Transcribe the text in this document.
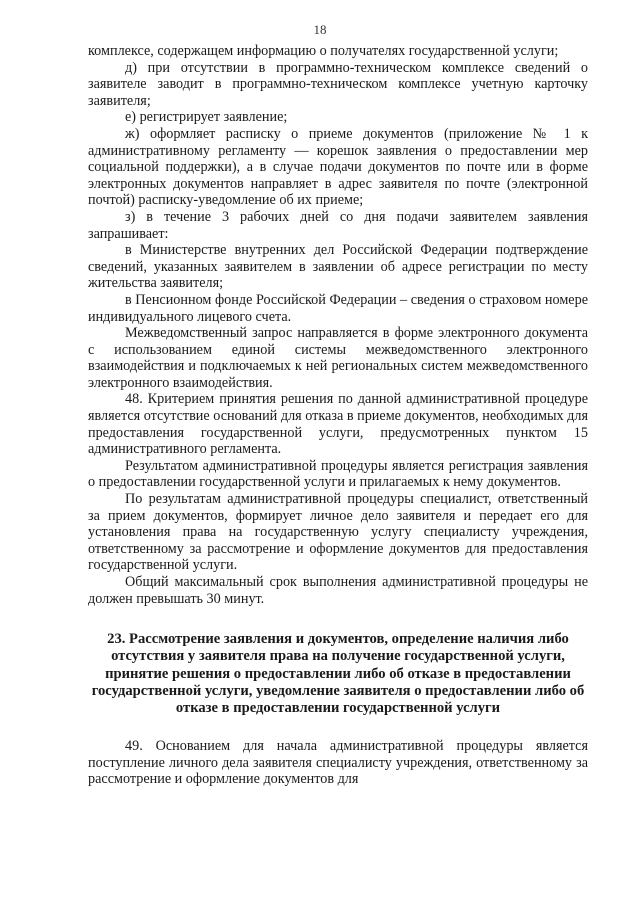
18

комплексе, содержащем информацию о получателях государственной услуги;

д) при отсутствии в программно-техническом комплексе сведений о заявителе заводит в программно-техническом комплексе учетную карточку заявителя;

е) регистрирует заявление;

ж) оформляет расписку о приеме документов (приложение № 1 к административному регламенту — корешок заявления о предоставлении мер социальной поддержки), а в случае подачи документов по почте или в форме электронных документов направляет в адрес заявителя по почте (электронной почтой) расписку-уведомление об их приеме;

з) в течение 3 рабочих дней со дня подачи заявителем заявления запрашивает:

в Министерстве внутренних дел Российской Федерации подтверждение сведений, указанных заявителем в заявлении об адресе регистрации по месту жительства заявителя;

в Пенсионном фонде Российской Федерации – сведения о страховом номере индивидуального лицевого счета.

Межведомственный запрос направляется в форме электронного документа с использованием единой системы межведомственного электронного взаимодействия и подключаемых к ней региональных систем межведомственного электронного взаимодействия.

48. Критерием принятия решения по данной административной процедуре является отсутствие оснований для отказа в приеме документов, необходимых для предоставления государственной услуги, предусмотренных пунктом 15 административного регламента.

Результатом административной процедуры является регистрация заявления о предоставлении государственной услуги и прилагаемых к нему документов.

По результатам административной процедуры специалист, ответственный за прием документов, формирует личное дело заявителя и передает его для установления права на государственную услугу специалисту учреждения, ответственному за рассмотрение и оформление документов для предоставления государственной услуги.

Общий максимальный срок выполнения административной процедуры не должен превышать 30 минут.

23. Рассмотрение заявления и документов, определение наличия либо отсутствия у заявителя права на получение государственной услуги, принятие решения о предоставлении либо об отказе в предоставлении государственной услуги, уведомление заявителя о предоставлении либо об отказе в предоставлении государственной услуги

49. Основанием для начала административной процедуры является поступление личного дела заявителя специалисту учреждения, ответственному за рассмотрение и оформление документов для
